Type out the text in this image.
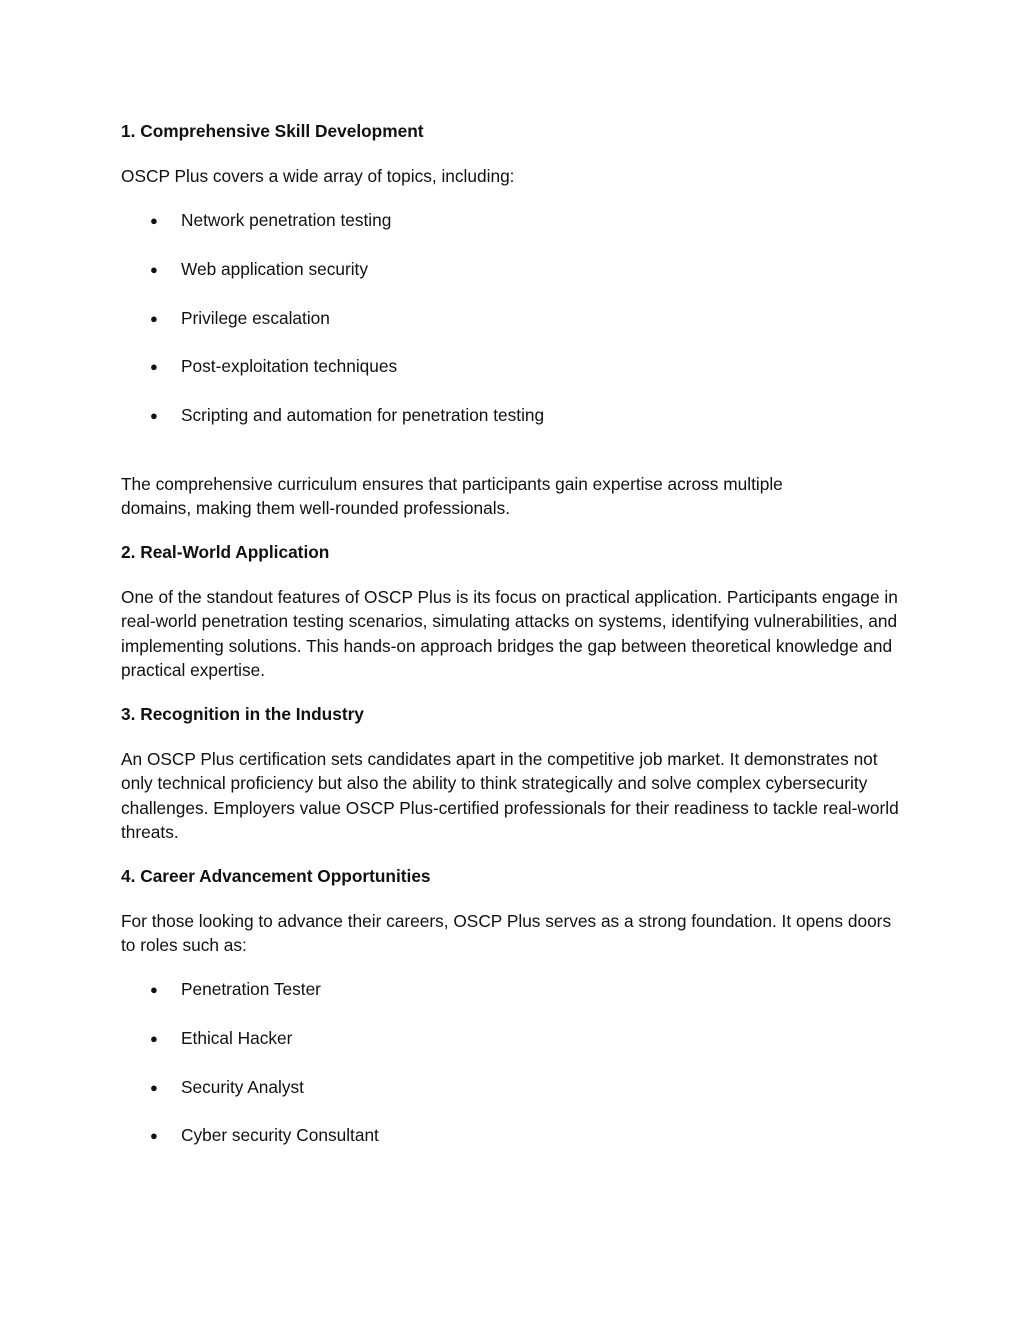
1. Comprehensive Skill Development

OSCP Plus covers a wide array of topics, including:

● Network penetration testing

● Web application security

● Privilege escalation

● Post-exploitation techniques

● Scripting and automation for penetration testing

The comprehensive curriculum ensures that participants gain expertise across multiple domains, making them well-rounded professionals.

2. Real-World Application

One of the standout features of OSCP Plus is its focus on practical application. Participants engage in real-world penetration testing scenarios, simulating attacks on systems, identifying vulnerabilities, and implementing solutions. This hands-on approach bridges the gap between theoretical knowledge and practical expertise.

3. Recognition in the Industry

An OSCP Plus certification sets candidates apart in the competitive job market. It demonstrates not only technical proficiency but also the ability to think strategically and solve complex cybersecurity challenges. Employers value OSCP Plus-certified professionals for their readiness to tackle real-world threats.

4. Career Advancement Opportunities

For those looking to advance their careers, OSCP Plus serves as a strong foundation. It opens doors to roles such as:

● Penetration Tester

● Ethical Hacker

● Security Analyst

● Cyber security Consultant
